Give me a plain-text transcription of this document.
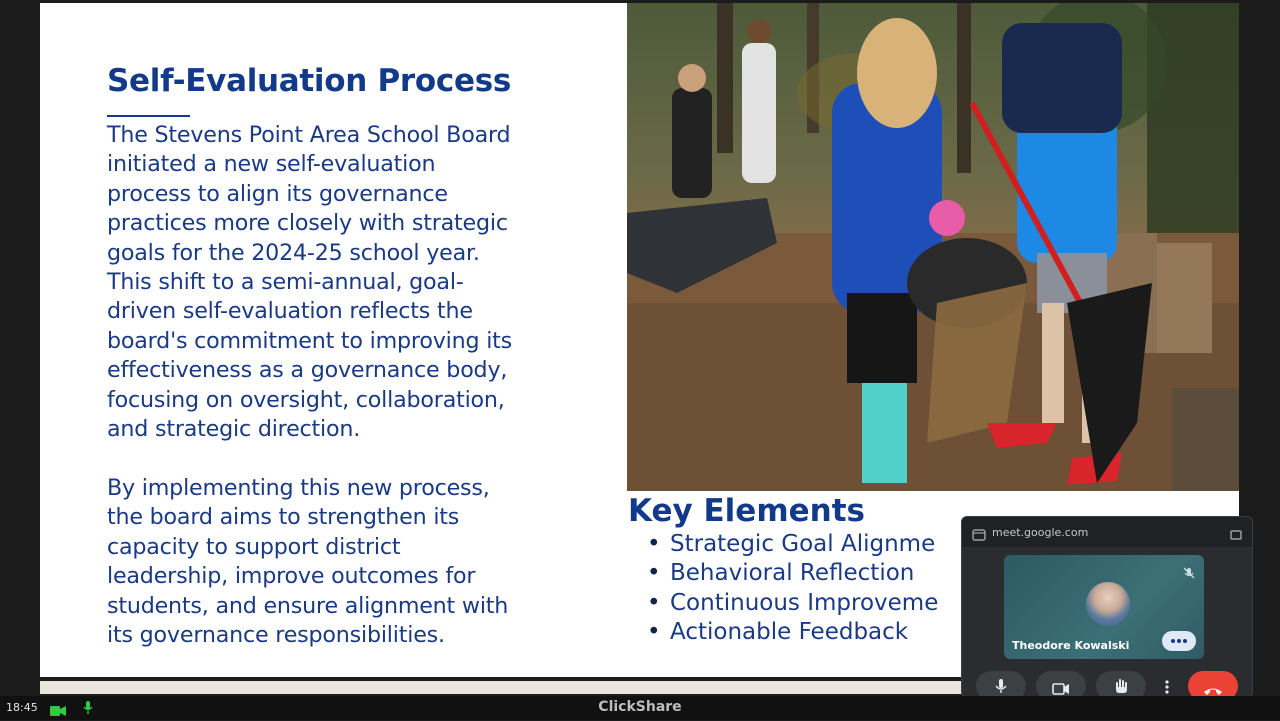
Self-Evaluation Process

The Stevens Point Area School Board

initiated a new self-evaluation

process to align its governance

practices more closely with strategic

goals for the 2024-25 school year.

This shift to a semi-annual, goal-

driven self-evaluation reflects the

board's commitment to improving its

effectiveness as a governance body,

focusing on oversight, collaboration,

and strategic direction.

By implementing this new process,

the board aims to strengthen its

capacity to support district

leadership, improve outcomes for

students, and ensure alignment with

its governance responsibilities.

Key Elements
• Strategic Goal Alignme
• Behavioral Reflection
• Continuous Improveme
• Actionable Feedback
meet.google.com
Theodore Kowalski
18:45	ClickShare
